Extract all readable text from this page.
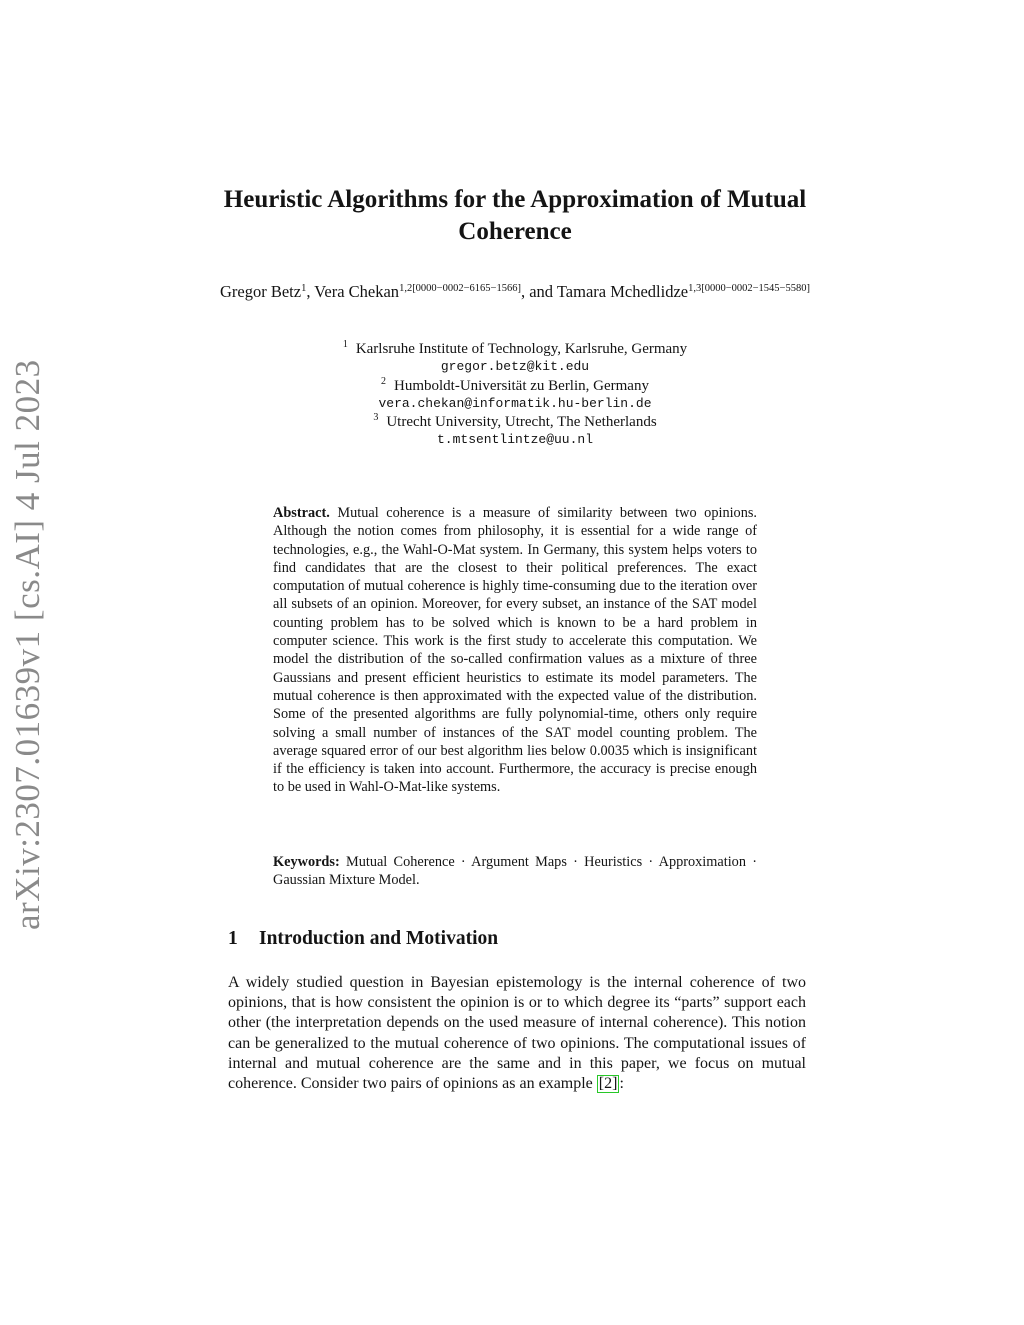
arXiv:2307.01639v1 [cs.AI] 4 Jul 2023
Heuristic Algorithms for the Approximation of Mutual Coherence
Gregor Betz$^1$, Vera Chekan$^{1,2[0000-0002-6165-1566]}$, and Tamara Mchedlidze$^{1,3[0000-0002-1545-5580]}$
$^1$ Karlsruhe Institute of Technology, Karlsruhe, Germany
gregor.betz@kit.edu
$^2$ Humboldt-Universität zu Berlin, Germany
vera.chekan@informatik.hu-berlin.de
$^3$ Utrecht University, Utrecht, The Netherlands
t.mtsentlintze@uu.nl
Abstract. Mutual coherence is a measure of similarity between two opinions. Although the notion comes from philosophy, it is essential for a wide range of technologies, e.g., the Wahl-O-Mat system. In Germany, this system helps voters to find candidates that are the closest to their political preferences. The exact computation of mutual coherence is highly time-consuming due to the iteration over all subsets of an opinion. Moreover, for every subset, an instance of the SAT model counting problem has to be solved which is known to be a hard problem in computer science. This work is the first study to accelerate this computation. We model the distribution of the so-called confirmation values as a mixture of three Gaussians and present efficient heuristics to estimate its model parameters. The mutual coherence is then approximated with the expected value of the distribution. Some of the presented algorithms are fully polynomial-time, others only require solving a small number of instances of the SAT model counting problem. The average squared error of our best algorithm lies below 0.0035 which is insignificant if the efficiency is taken into account. Furthermore, the accuracy is precise enough to be used in Wahl-O-Mat-like systems.
Keywords: Mutual Coherence · Argument Maps · Heuristics · Approximation · Gaussian Mixture Model.
1 Introduction and Motivation
A widely studied question in Bayesian epistemology is the internal coherence of two opinions, that is how consistent the opinion is or to which degree its “parts” support each other (the interpretation depends on the used measure of internal coherence). This notion can be generalized to the mutual coherence of two opinions. The computational issues of internal and mutual coherence are the same and in this paper, we focus on mutual coherence. Consider two pairs of opinions as an example [2] :
